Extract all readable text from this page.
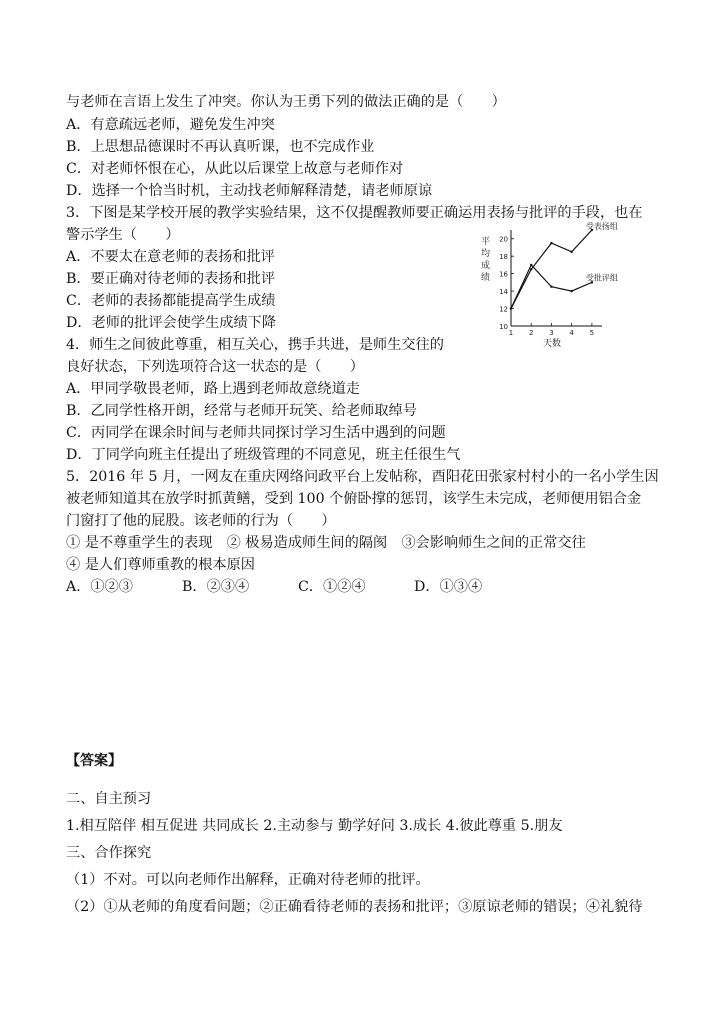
与老师在言语上发生了冲突。你认为王勇下列的做法正确的是（　　）
A．有意疏远老师，避免发生冲突
B．上思想品德课时不再认真听课，也不完成作业
C．对老师怀恨在心，从此以后课堂上故意与老师作对
D．选择一个恰当时机，主动找老师解释清楚，请老师原谅
3．下图是某学校开展的教学实验结果，这不仅提醒教师要正确运用表扬与批评的手段，也在
警示学生（　　）
A．不要太在意老师的表扬和批评
B．要正确对待老师的表扬和批评
C．老师的表扬都能提高学生成绩
D．老师的批评会使学生成绩下降
4．师生之间彼此尊重，相互关心，携手共进，是师生交往的
良好状态，下列选项符合这一状态的是（　　）
A．甲同学敬畏老师，路上遇到老师故意绕道走
B．乙同学性格开朗，经常与老师开玩笑、给老师取绰号
C．丙同学在课余时间与老师共同探讨学习生活中遇到的问题
D．丁同学向班主任提出了班级管理的不同意见，班主任很生气
5．2016 年 5 月，一网友在重庆网络问政平台上发帖称，酉阳花田张家村村小的一名小学生因
被老师知道其在放学时抓黄鳝，受到 100 个俯卧撑的惩罚，该学生未完成，老师便用铝合金
门窗打了他的屁股。该老师的行为（　　）
① 是不尊重学生的表现　② 极易造成师生间的隔阂　③会影响师生之间的正常交往
④ 是人们尊师重教的根本原因
A．①②③	B．②③④	C．①②④	D．①③④
【答案】
二、自主预习
1.相互陪伴 相互促进 共同成长 2.主动参与 勤学好问 3.成长 4.彼此尊重 5.朋友
三、合作探究
（1）不对。可以向老师作出解释，正确对待老师的批评。
（2）①从老师的角度看问题；②正确看待老师的表扬和批评；③原谅老师的错误；④礼貌待
平
均
成
绩
10
12
14
16
18
20
1 2 3 4 5
天数
受表扬组
受批评组
